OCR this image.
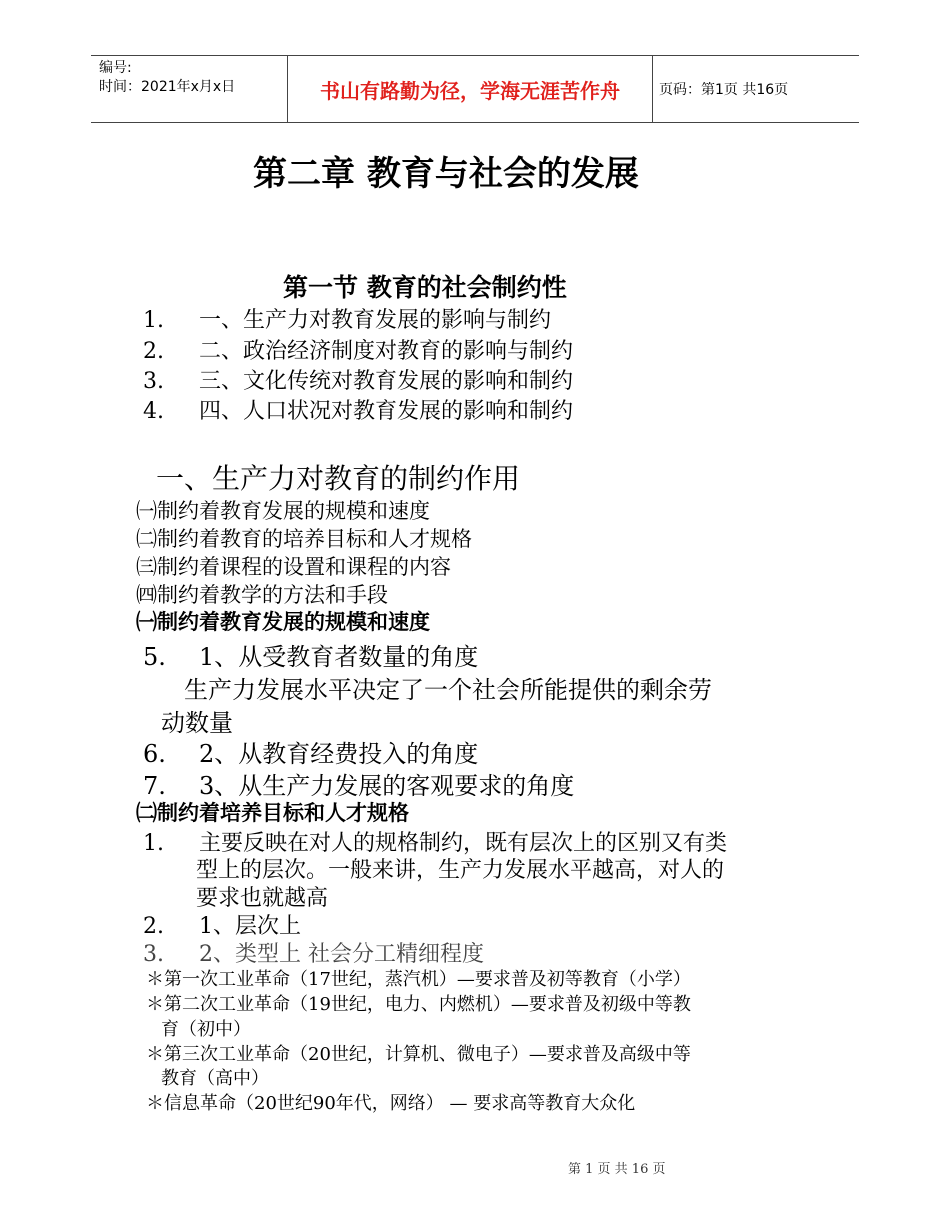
编号:
时间：2021年x月x日	书山有路勤为径，学海无涯苦作舟	页码：第1页 共16页
第二章 教育与社会的发展
第一节 教育的社会制约性
1. 一、生产力对教育发展的影响与制约
2. 二、政治经济制度对教育的影响与制约
3. 三、文化传统对教育发展的影响和制约
4. 四、人口状况对教育发展的影响和制约
一、生产力对教育的制约作用
㈠制约着教育发展的规模和速度
㈡制约着教育的培养目标和人才规格
㈢制约着课程的设置和课程的内容
㈣制约着教学的方法和手段
㈠制约着教育发展的规模和速度
5. 1、从受教育者数量的角度
生产力发展水平决定了一个社会所能提供的剩余劳
动数量
6. 2、从教育经费投入的角度
7. 3、从生产力发展的客观要求的角度
㈡制约着培养目标和人才规格
1. 主要反映在对人的规格制约，既有层次上的区别又有类
型上的层次。一般来讲，生产力发展水平越高，对人的
要求也就越高
2. 1、层次上
3. 2、类型上 社会分工精细程度
＊第一次工业革命（17世纪，蒸汽机）—要求普及初等教育（小学）
＊第二次工业革命（19世纪，电力、内燃机）—要求普及初级中等教
育（初中）
＊第三次工业革命（20世纪，计算机、微电子）—要求普及高级中等
教育（高中）
＊信息革命（20世纪90年代，网络） — 要求高等教育大众化
第 1 页 共 16 页
